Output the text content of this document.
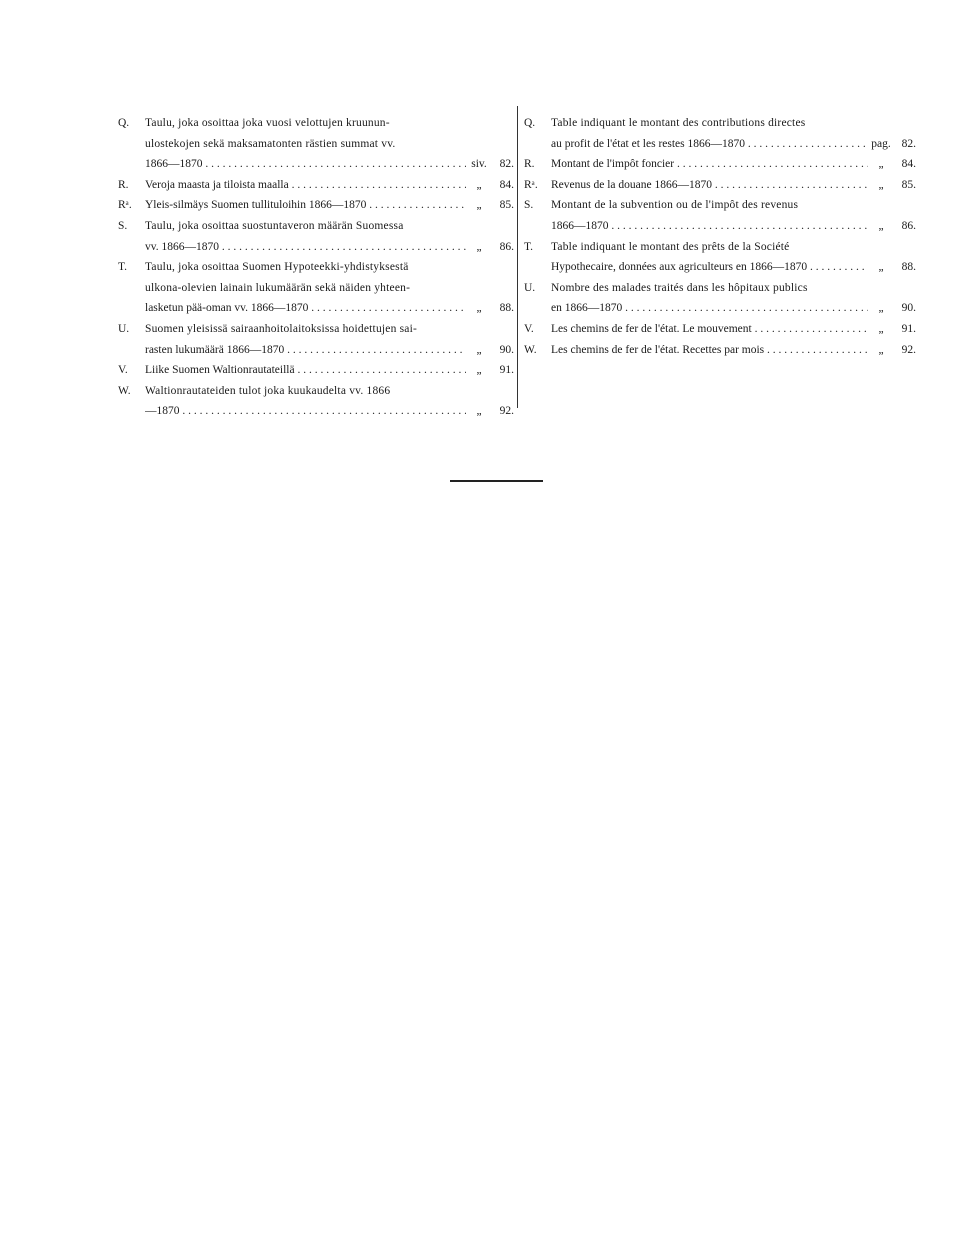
Q.	Taulu, joka osoittaa joka vuosi velottujen kruunun-
ulostekojen sekä maksamatonten rästien summat vv.
1866—1870 . . .	siv.	82.
R.	Veroja maasta ja tiloista maalla . . .	„	84.
Rᵃ.	Yleis-silmäys Suomen tullituloihin 1866—1870 . . .	„	85.
S.	Taulu, joka osoittaa suostuntaveron määrän Suomessa
vv. 1866—1870 . . .	„	86.
T.	Taulu, joka osoittaa Suomen Hypoteekki-yhdistyksestä
ulkona-olevien lainain lukumäärän sekä näiden yhteen-
lasketun pää-oman vv. 1866—1870 . . .	„	88.
U.	Suomen yleisissä sairaanhoitolaitoksissa hoidettujen sai-
rasten lukumäärä 1866—1870 . . .	„	90.
V.	Liike Suomen Waltionrautateillä . . .	„	91.
W.	Waltionrautateiden tulot joka kuukaudelta vv. 1866
—1870 . . .	„	92.
Q.	Table indiquant le montant des contributions directes
au profit de l'état et les restes 1866—1870 . . .	pag. 82.
R.	Montant de l'impôt foncier . . .	„	84.
Rᵃ.	Revenus de la douane 1866—1870 . . .	„	85.
S.	Montant de la subvention ou de l'impôt des revenus
1866—1870 . . .	„	86.
T.	Table indiquant le montant des prêts de la Société
Hypothecaire, données aux agriculteurs en 1866—1870 . . .	„	88.
U.	Nombre des malades traités dans les hôpitaux publics
en 1866—1870 . . .	„	90.
V.	Les chemins de fer de l'état. Le mouvement . . .	„	91.
W.	Les chemins de fer de l'état. Recettes par mois . . .	„	92.
